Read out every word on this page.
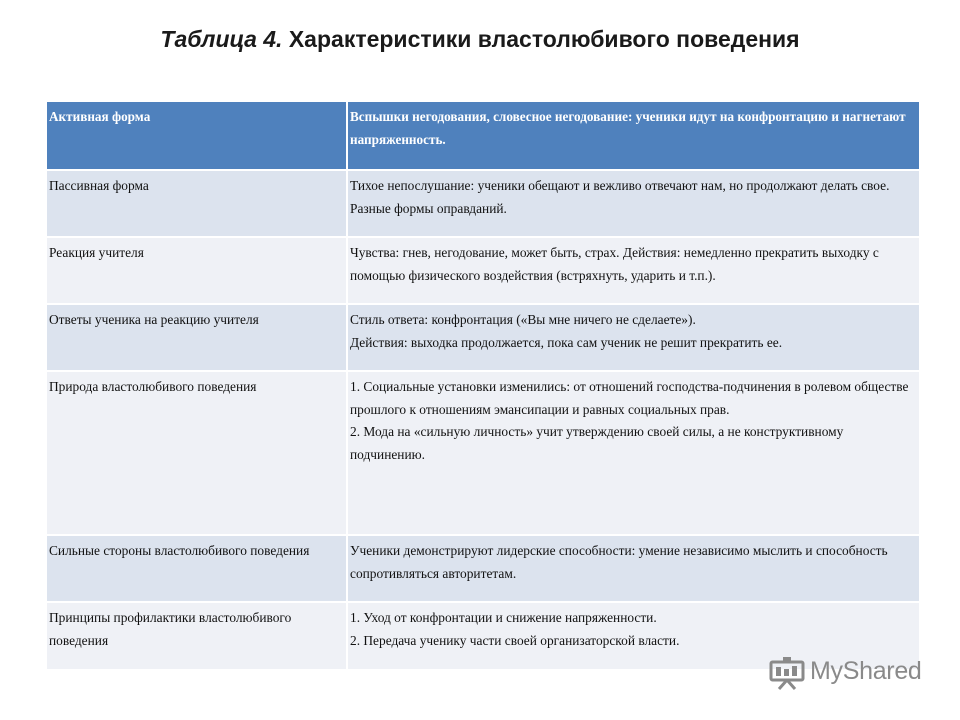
Таблица 4. Характеристики властолюбивого поведения
Активная форма	Вспышки негодования, словесное негодование: ученики идут на конфронтацию и нагнетают напряженность.

Пассивная форма	Тихое непослушание: ученики обещают и вежливо отвечают нам, но продолжают делать свое. Разные формы оправданий.

Реакция учителя	Чувства: гнев, негодование, может быть, страх. Действия: немедленно прекратить выходку с помощью физического воздействия (встряхнуть, ударить и т.п.).

Ответы ученика на реакцию учителя	Стиль ответа: конфронтация («Вы мне ничего не сделаете»).
Действия: выходка продолжается, пока сам ученик не решит прекратить ее.

Природа властолюбивого поведения	1. Социальные установки изменились: от отношений господства-подчинения в ролевом обществе прошлого к отношениям эмансипации и равных социальных прав.
2. Мода на «сильную личность» учит утверждению своей силы, а не конструктивному подчинению.

Сильные стороны властолюбивого поведения	Ученики демонстрируют лидерские способности: умение независимо мыслить и способность сопротивляться авторитетам.

Принципы профилактики властолюбивого поведения	1. Уход от конфронтации и снижение напряженности.
2. Передача ученику части своей организаторской власти.
MyShared
